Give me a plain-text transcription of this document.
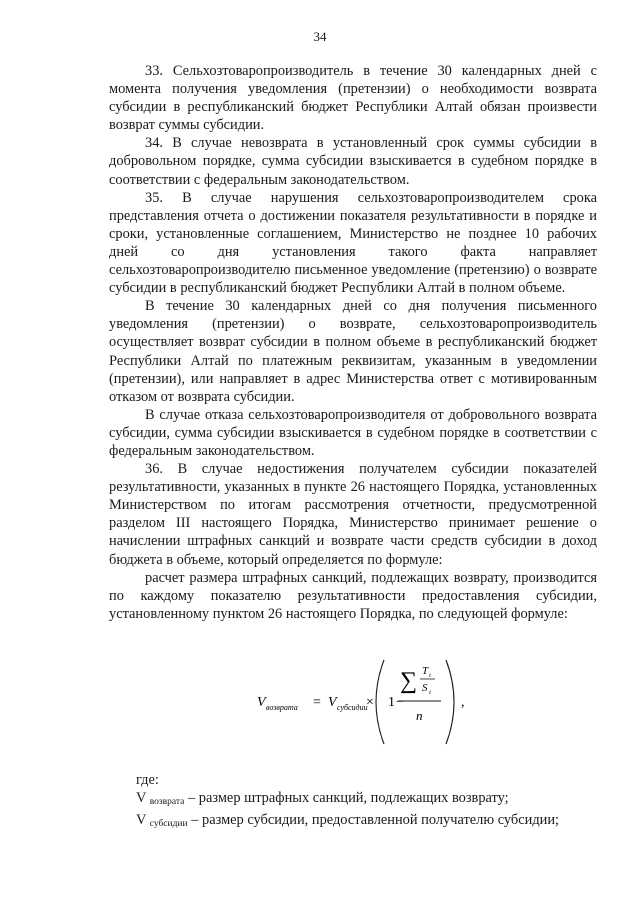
34

33. Сельхозтоваропроизводитель в течение 30 календарных дней с момента получения уведомления (претензии) о необходимости возврата субсидии в республиканский бюджет Республики Алтай обязан произвести возврат суммы субсидии.

34. В случае невозврата в установленный срок суммы субсидии в добровольном порядке, сумма субсидии взыскивается в судебном порядке в соответствии с федеральным законодательством.

35. В случае нарушения сельхозтоваропроизводителем срока представления отчета о достижении показателя результативности в порядке и сроки, установленные соглашением, Министерство не позднее 10 рабочих дней со дня установления такого факта направляет сельхозтоваропроизводителю письменное уведомление (претензию) о возврате субсидии в республиканский бюджет Республики Алтай в полном объеме.

В течение 30 календарных дней со дня получения письменного уведомления (претензии) о возврате, сельхозтоваропроизводитель осуществляет возврат субсидии в полном объеме в республиканский бюджет Республики Алтай по платежным реквизитам, указанным в уведомлении (претензии), или направляет в адрес Министерства ответ с мотивированным отказом от возврата субсидии.

В случае отказа сельхозтоваропроизводителя от добровольного возврата субсидии, сумма субсидии взыскивается в судебном порядке в соответствии с федеральным законодательством.

36. В случае недостижения получателем субсидии показателей результативности, указанных в пункте 26 настоящего Порядка, установленных Министерством по итогам рассмотрения отчетности, предусмотренной разделом III настоящего Порядка, Министерство принимает решение о начислении штрафных санкций и возврате части средств субсидии в доход бюджета в объеме, который определяется по формуле:

расчет размера штрафных санкций, подлежащих возврату, производится по каждому показателю результативности предоставления субсидии, установленному пунктом 26 настоящего Порядка, по следующей формуле:

V возврата = V субсидии
× 1 −
∑ T i
S i
n
,

где:

V $_{возврата}$ – размер штрафных санкций, подлежащих возврату;

V $_{субсидии}$ – размер субсидии, предоставленной получателю субсидии;
